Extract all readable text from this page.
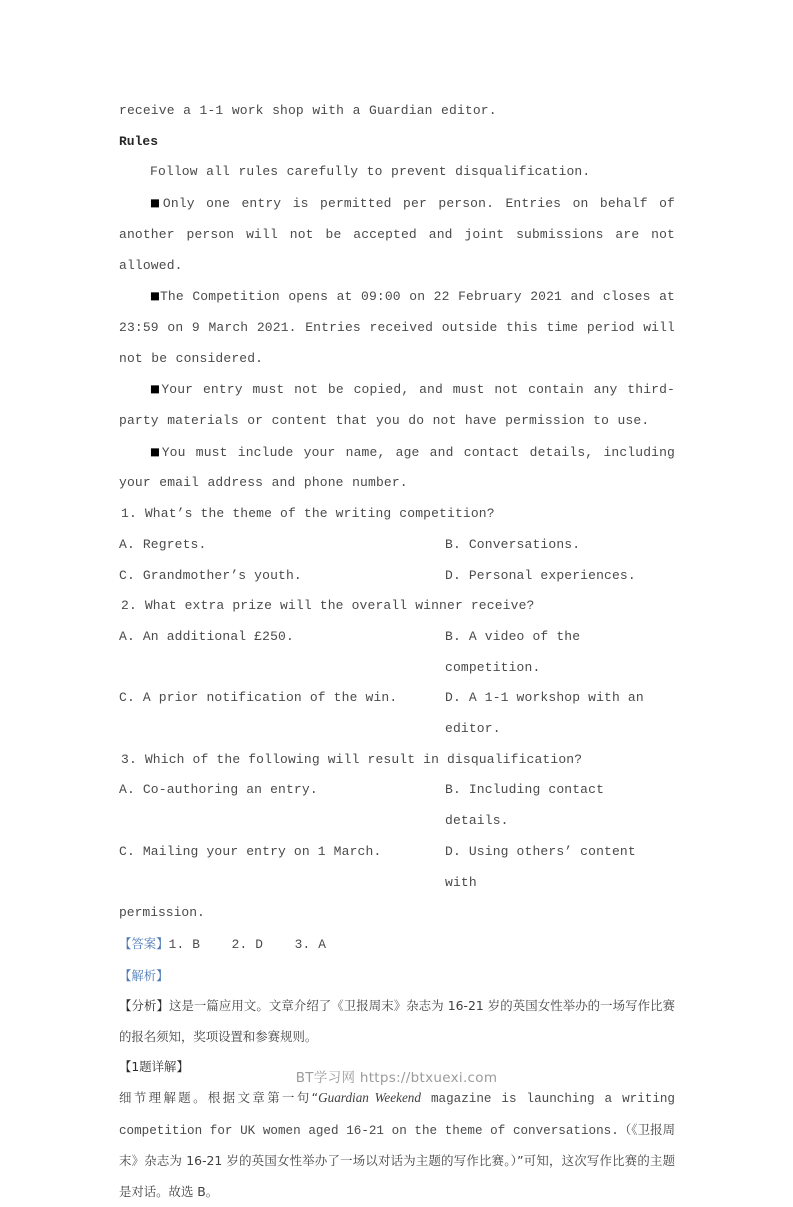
receive a 1-1 work shop with a Guardian editor.
Rules
Follow all rules carefully to prevent disqualification.
■Only one entry is permitted per person. Entries on behalf of another person will not be accepted and joint submissions are not allowed.
■The Competition opens at 09:00 on 22 February 2021 and closes at 23:59 on 9 March 2021. Entries received outside this time period will not be considered.
■Your entry must not be copied, and must not contain any third-party materials or content that you do not have permission to use.
■You must include your name, age and contact details, including your email address and phone number.
1. What’s the theme of the writing competition?
A. Regrets.	B. Conversations.
C. Grandmother’s youth.	D. Personal experiences.
2. What extra prize will the overall winner receive?
A. An additional £250.	B. A video of the competition.
C. A prior notification of the win.	D. A 1-1 workshop with an editor.
3. Which of the following will result in disqualification?
A. Co-authoring an entry.	B. Including contact details.
C. Mailing your entry on 1 March.	D. Using others’ content with
permission.
【答案】1. B    2. D    3. A
【解析】
【分析】这是一篇应用文。文章介绍了《卫报周末》杂志为 16-21 岁的英国女性举办的一场写作比赛的报名须知，奖项设置和参赛规则。
【1题详解】
细节理解题。根据文章第一句“Guardian Weekend magazine is launching a writing competition for UK women aged 16-21 on the theme of conversations.（《卫报周末》杂志为 16-21 岁的英国女性举办了一场以对话为主题的写作比赛。）”可知，这次写作比赛的主题是对话。故选 B。
BT学习网 https://btxuexi.com
